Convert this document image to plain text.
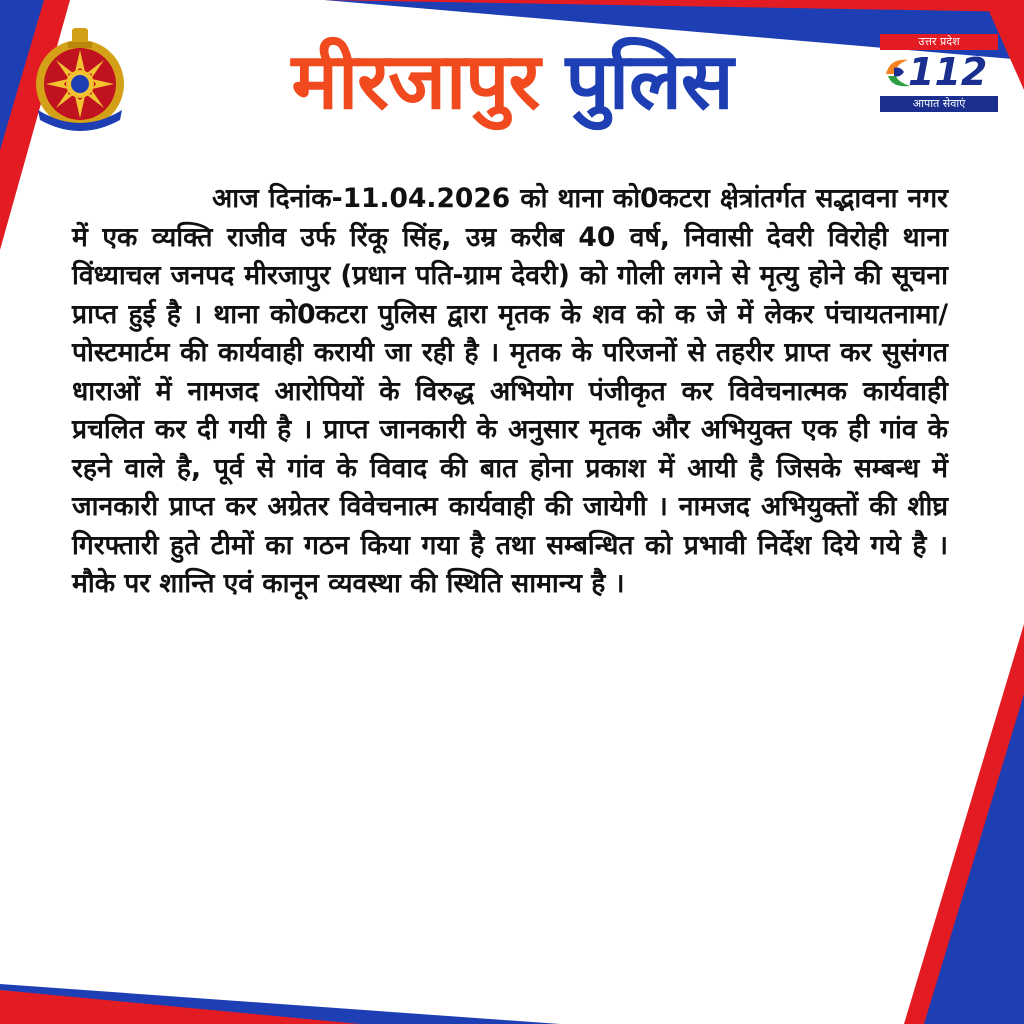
मीरजापुर पुलिस	उत्तर प्रदेश
112
आपात सेवाएं

आज दिनांक-11.04.2026 को थाना को0कटरा क्षेत्रांतर्गत सद्भावना नगर में एक व्यक्ति राजीव उर्फ रिंकू सिंह, उम्र करीब 40 वर्ष, निवासी देवरी विरोही थाना विंध्याचल जनपद मीरजापुर (प्रधान पति-ग्राम देवरी) को गोली लगने से मृत्यु होने की सूचना प्राप्त हुई है । थाना को0कटरा पुलिस द्वारा मृतक के शव को क जे में लेकर पंचायतनामा/पोस्टमार्टम की कार्यवाही करायी जा रही है । मृतक के परिजनों से तहरीर प्राप्त कर सुसंगत धाराओं में नामजद आरोपियों के विरुद्ध अभियोग पंजीकृत कर विवेचनात्मक कार्यवाही प्रचलित कर दी गयी है । प्राप्त जानकारी के अनुसार मृतक और अभियुक्त एक ही गांव के रहने वाले है, पूर्व से गांव के विवाद की बात होना प्रकाश में आयी है जिसके सम्बन्ध में जानकारी प्राप्त कर अग्रेतर विवेचनात्म कार्यवाही की जायेगी । नामजद अभियुक्तों की शीघ्र गिरफ्तारी हुते टीमों का गठन किया गया है तथा सम्बन्धित को प्रभावी निर्देश दिये गये है । मौके पर शान्ति एवं कानून व्यवस्था की स्थिति सामान्य है ।
